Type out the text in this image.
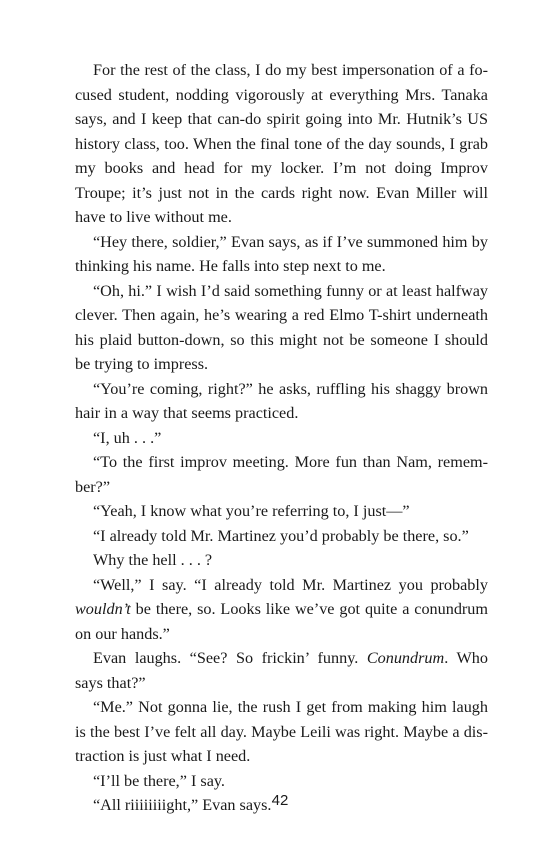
For the rest of the class, I do my best impersonation of a focused student, nodding vigorously at everything Mrs. Tanaka says, and I keep that can-do spirit going into Mr. Hutnik’s US history class, too. When the final tone of the day sounds, I grab my books and head for my locker. I’m not doing Improv Troupe; it’s just not in the cards right now. Evan Miller will have to live without me.

“Hey there, soldier,” Evan says, as if I’ve summoned him by thinking his name. He falls into step next to me.

“Oh, hi.” I wish I’d said something funny or at least halfway clever. Then again, he’s wearing a red Elmo T-shirt underneath his plaid button-down, so this might not be someone I should be trying to impress.

“You’re coming, right?” he asks, ruffling his shaggy brown hair in a way that seems practiced.

“I, uh . . .”

“To the first improv meeting. More fun than Nam, remember?”

“Yeah, I know what you’re referring to, I just—”

“I already told Mr. Martinez you’d probably be there, so.”

Why the hell . . . ?

“Well,” I say. “I already told Mr. Martinez you probably wouldn’t be there, so. Looks like we’ve got quite a conundrum on our hands.”

Evan laughs. “See? So frickin’ funny. Conundrum. Who says that?”

“Me.” Not gonna lie, the rush I get from making him laugh is the best I’ve felt all day. Maybe Leili was right. Maybe a distraction is just what I need.

“I’ll be there,” I say.

“All riiiiiiiight,” Evan says. 42
